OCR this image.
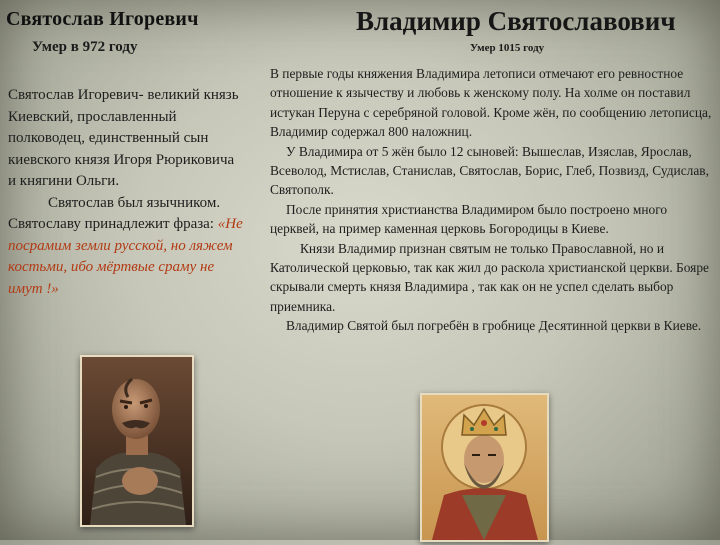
Святослав Игоревич
Умер в 972 году
Владимир Святославович
Умер 1015 году
Святослав Игоревич- великий князь Киевский, прославленный полководец, единственный сын киевского князя Игоря Рюриковича и княгини Ольги.
Святослав был язычником. Святославу принадлежит фраза: «Не посрамим земли русской, но ляжем костьми, ибо мёртвые сраму не имут !»

В первые годы княжения Владимира летописи отмечают его ревностное отношение к язычеству и любовь к женскому полу. На холме он поставил истукан Перуна с серебряной головой. Кроме жён, по сообщению летописца, Владимир содержал 800 наложниц.

У Владимира от 5 жён было 12 сыновей: Вышеслав, Изяслав, Ярослав, Всеволод, Мстислав, Станислав, Святослав, Борис, Глеб, Позвизд, Судислав, Святополк.

После принятия христианства Владимиром было построено много церквей, на пример каменная церковь Богородицы в Киеве.

Князи Владимир признан святым не только Православной, но и Католической церковью, так как жил до раскола христианской церкви. Бояре скрывали смерть князя Владимира , так как он не успел сделать выбор приемника.

Владимир Святой был погребён в гробнице Десятинной церкви в Киеве.
